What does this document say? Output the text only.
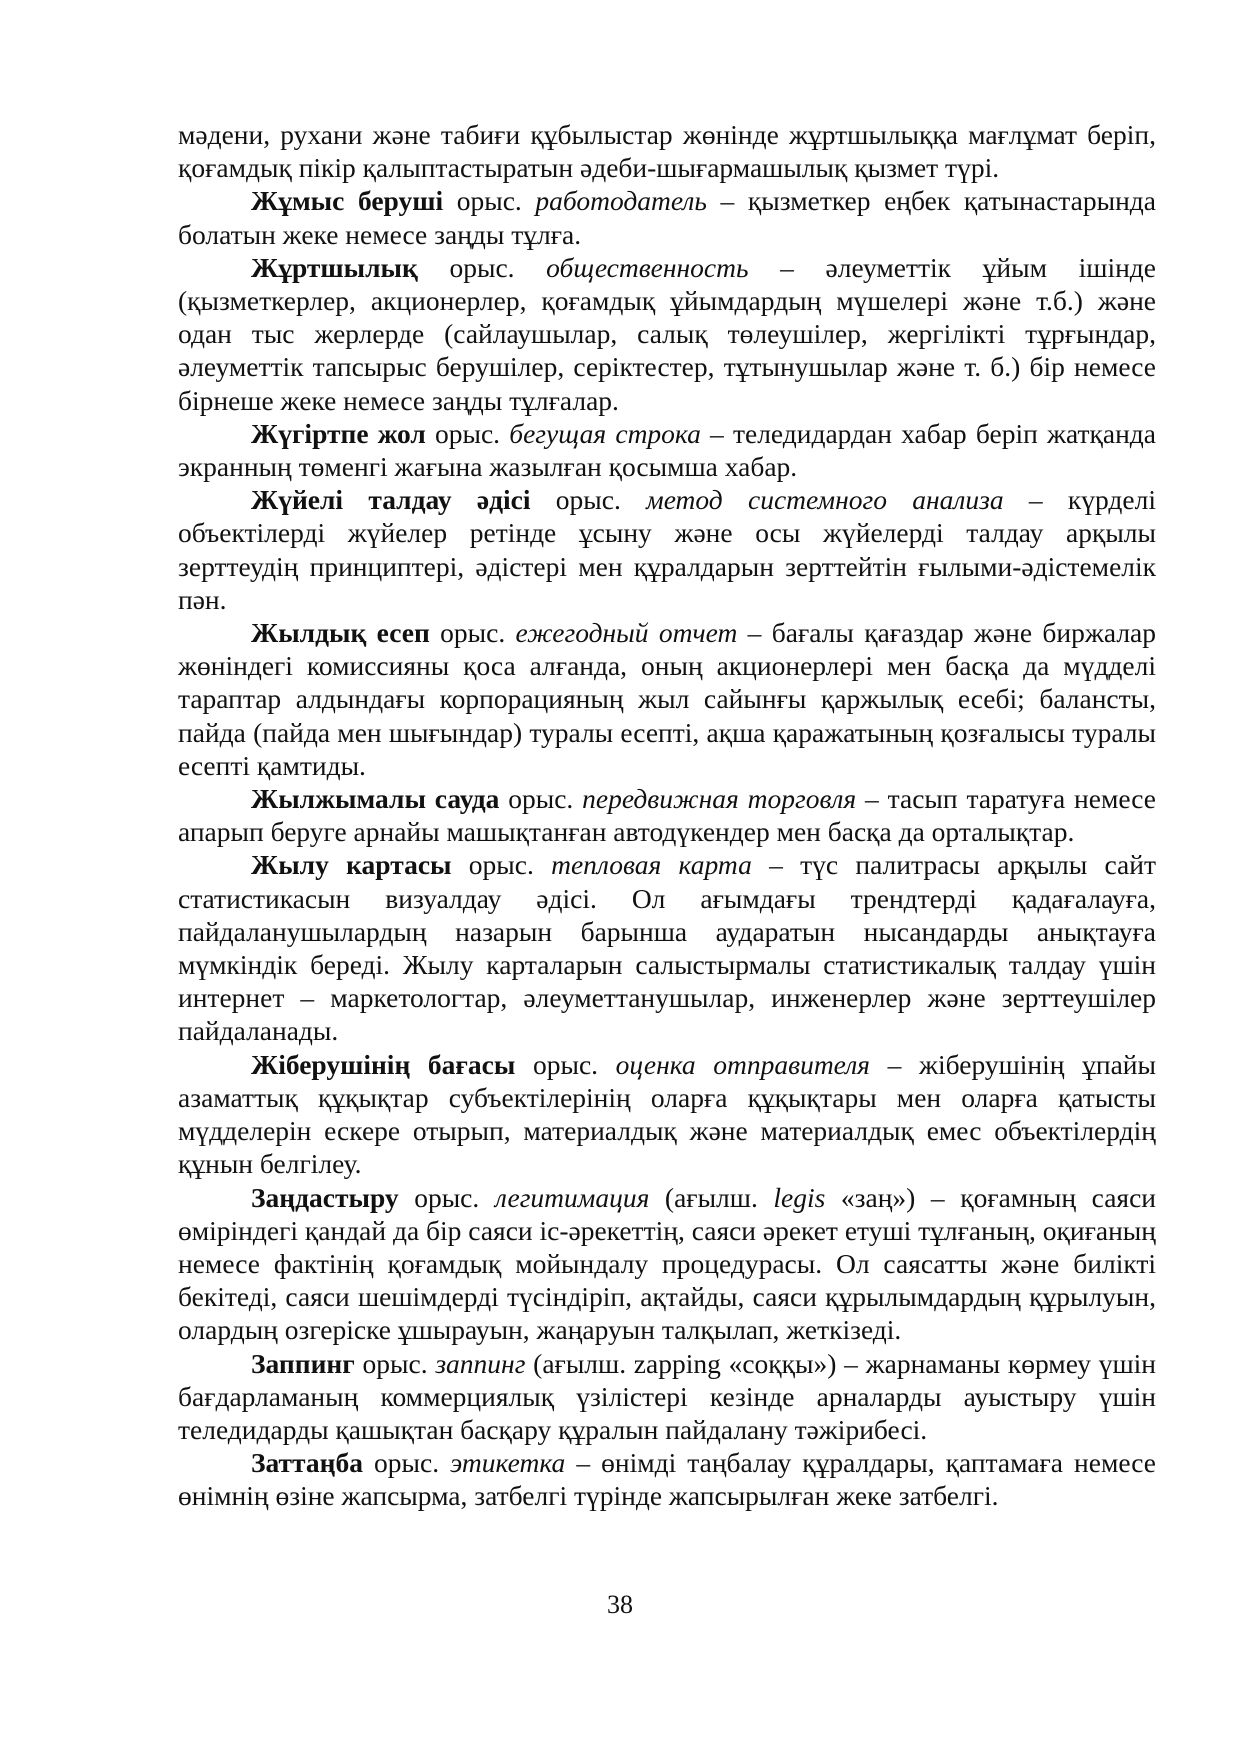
мәдени, рухани және табиғи құбылыстар жөнінде жұртшылыққа мағлұмат беріп, қоғамдық пікір қалыптастыратын әдеби-шығармашылық қызмет түрі.

Жұмыс беруші орыс. работодатель – қызметкер еңбек қатынастарында болатын жеке немесе заңды тұлға.

Жұртшылық орыс. общественность – әлеуметтік ұйым ішінде (қызметкерлер, акционерлер, қоғамдық ұйымдардың мүшелері және т.б.) және одан тыс жерлерде (сайлаушылар, салық төлеушілер, жергілікті тұрғындар, әлеуметтік тапсырыс берушілер, серіктестер, тұтынушылар және т. б.) бір немесе бірнеше жеке немесе заңды тұлғалар.

Жүгіртпе жол орыс. бегущая строка – теледидардан хабар беріп жатқанда экранның төменгі жағына жазылған қосымша хабар.

Жүйелі талдау әдісі орыс. метод системного анализа – күрделі объектілерді жүйелер ретінде ұсыну және осы жүйелерді талдау арқылы зерттеудің принциптері, әдістері мен құралдарын зерттейтін ғылыми-әдістемелік пән.

Жылдық есеп орыс. ежегодный отчет – бағалы қағаздар және биржалар жөніндегі комиссияны қоса алғанда, оның акционерлері мен басқа да мүдделі тараптар алдындағы корпорацияның жыл сайынғы қаржылық есебі; балансты, пайда (пайда мен шығындар) туралы есепті, ақша қаражатының қозғалысы туралы есепті қамтиды.

Жылжымалы сауда орыс. передвижная торговля – тасып таратуға немесе апарып беруге арнайы машықтанған автодүкендер мен басқа да орталықтар.

Жылу картасы орыс. тепловая карта – түс палитрасы арқылы сайт статистикасын визуалдау әдісі. Ол ағымдағы трендтерді қадағалауға, пайдаланушылардың назарын барынша аударатын нысандарды анықтауға мүмкіндік береді. Жылу карталарын салыстырмалы статистикалық талдау үшін интернет – маркетологтар, әлеуметтанушылар, инженерлер және зерттеушілер пайдаланады.

Жіберушінің бағасы орыс. оценка отправителя – жіберушінің ұпайы азаматтық құқықтар субъектілерінің оларға құқықтары мен оларға қатысты мүдделерін ескере отырып, материалдық және материалдық емес объектілердің құнын белгілеу.

Заңдастыру орыс. легитимация (ағылш. legis «заң») – қоғамның саяси өміріндегі қандай да бір саяси іс-әрекеттің, саяси әрекет етуші тұлғаның, оқиғаның немесе фактінің қоғамдық мойындалу процедурасы. Ол саясатты және билікті бекітеді, саяси шешімдерді түсіндіріп, ақтайды, саяси құрылымдардың құрылуын, олардың озгеріске ұшырауын, жаңаруын талқылап, жеткізеді.

Заппинг орыс. заппинг (ағылш. zapping «соққы») – жарнаманы көрмеу үшін бағдарламаның коммерциялық үзілістері кезінде арналарды ауыстыру үшін теледидарды қашықтан басқару құралын пайдалану тәжірибесі.

Заттаңба орыс. этикетка – өнімді таңбалау құралдары, қаптамаға немесе өнімнің өзіне жапсырма, затбелгі түрінде жапсырылған жеке затбелгі.

38
